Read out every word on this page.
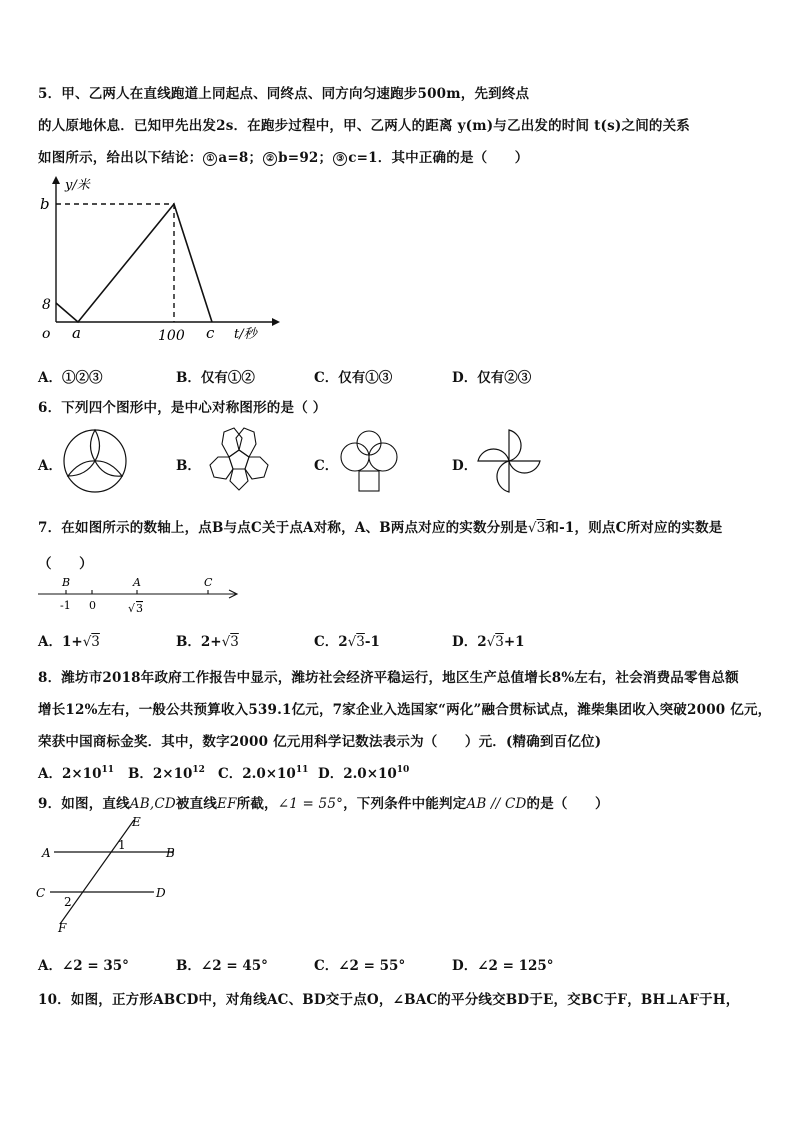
5．甲、乙两人在直线跑道上同起点、同终点、同方向匀速跑步500m，先到终点
的人原地休息．已知甲先出发2s．在跑步过程中，甲、乙两人的距离 y(m)与乙出发的时间 t(s)之间的关系
如图所示，给出以下结论： ① a=8； ② b=92； ③ c=1．其中正确的是（　　）
y/米
b
8
o a	100 c t/秒
A．①②③	B．仅有①②	C．仅有①③	D．仅有②③
6．下列四个图形中，是中心对称图形的是（ ）
A．	B．	C．	D．
7．在如图所示的数轴上，点B与点C关于点A对称，A、B两点对应的实数分别是√3和-1，则点C所对应的实数是
（　　）
B	A	C
-1 0	√ 3
A．1+√3	B．2+√3	C．2√3-1	D．2√3+1
8．潍坊市2018年政府工作报告中显示，潍坊社会经济平稳运行，地区生产总值增长8%左右，社会消费品零售总额
增长12%左右，一般公共预算收入539.1亿元，7家企业入选国家“两化”融合贯标试点，潍柴集团收入突破2000 亿元，
荣获中国商标金奖．其中，数字2000 亿元用科学记数法表示为（　　）元．(精确到百亿位)
A．$2\times 10^{11}$ B．$2\times 10^{12}$ C．$2.0\times 10^{11}$ D．$2.0\times 10^{10}$
9．如图，直线AB,CD被直线EF所截，∠1 = 55°，下列条件中能判定AB // CD的是（　　）
E
A	B
1
C	D
2
F
A．∠2 = 35°	B．∠2 = 45°	C．∠2 = 55°	D．∠2 = 125°
10．如图，正方形ABCD中，对角线AC、BD交于点O，∠BAC的平分线交BD于E，交BC于F，BH⊥AF于H，
